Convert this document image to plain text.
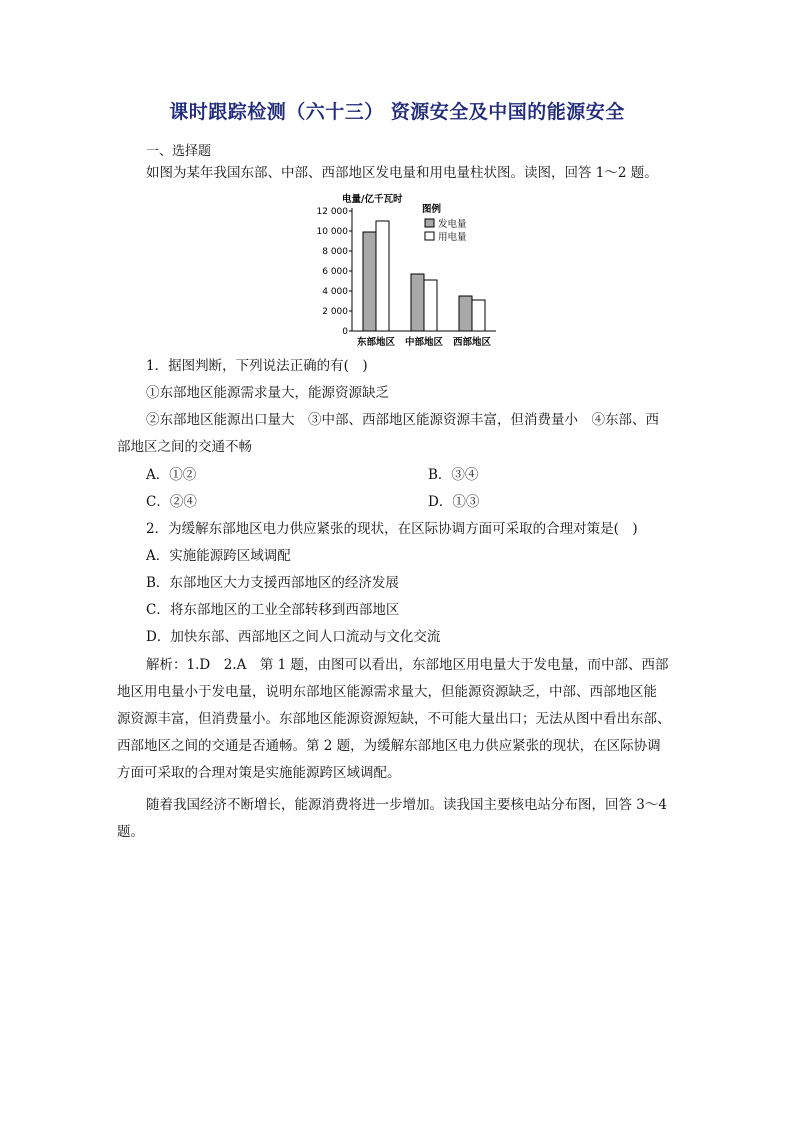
课时跟踪检测（六十三） 资源安全及中国的能源安全
一、选择题
如图为某年我国东部、中部、西部地区发电量和用电量柱状图。读图，回答 1～2 题。
电量/亿千瓦时
12 000
10 000
8 000
6 000
4 000
2 000
0
东部地区 中部地区 西部地区
图例
发电量
用电量
1．据图判断，下列说法正确的有(　)
①东部地区能源需求量大，能源资源缺乏
②东部地区能源出口量大　③中部、西部地区能源资源丰富，但消费量小　④东部、西
部地区之间的交通不畅
A．①②	B．③④
C．②④	D．①③
2．为缓解东部地区电力供应紧张的现状，在区际协调方面可采取的合理对策是(　)
A．实施能源跨区域调配
B．东部地区大力支援西部地区的经济发展
C．将东部地区的工业全部转移到西部地区
D．加快东部、西部地区之间人口流动与文化交流
解析：1.D　2.A　第 1 题，由图可以看出，东部地区用电量大于发电量，而中部、西部
地区用电量小于发电量，说明东部地区能源需求量大，但能源资源缺乏，中部、西部地区能
源资源丰富，但消费量小。东部地区能源资源短缺，不可能大量出口；无法从图中看出东部、
西部地区之间的交通是否通畅。第 2 题，为缓解东部地区电力供应紧张的现状，在区际协调
方面可采取的合理对策是实施能源跨区域调配。
随着我国经济不断增长，能源消费将进一步增加。读我国主要核电站分布图，回答 3～4
题。
